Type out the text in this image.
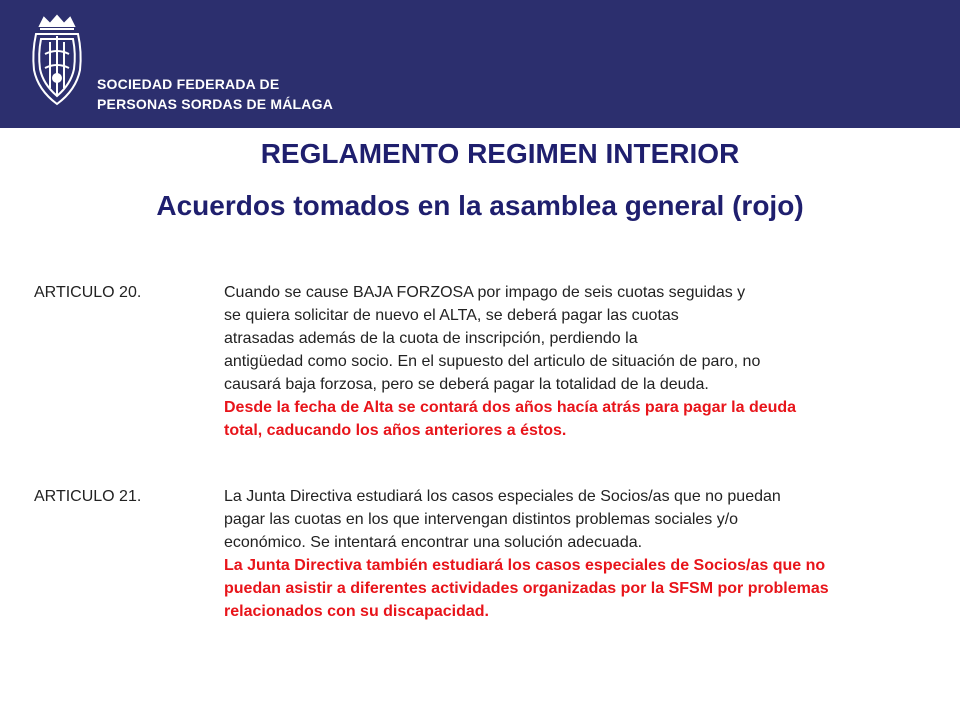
SOCIEDAD FEDERADA DE
PERSONAS SORDAS DE MÁLAGA
REGLAMENTO REGIMEN INTERIOR
Acuerdos tomados en la asamblea general (rojo)
ARTICULO 20.	Cuando se cause BAJA FORZOSA por impago de seis cuotas seguidas y
se quiera solicitar de nuevo el ALTA, se deberá pagar las cuotas
atrasadas además de la cuota de inscripción, perdiendo la
antigüedad como socio. En el supuesto del articulo de situación de paro, no
causará baja forzosa, pero se deberá pagar la totalidad de la deuda.
Desde la fecha de Alta se contará dos años hacía atrás para pagar la deuda
total, caducando los años anteriores a éstos.
ARTICULO 21.	La Junta Directiva estudiará los casos especiales de Socios/as que no puedan
pagar las cuotas en los que intervengan distintos problemas sociales y/o
económico. Se intentará encontrar una solución adecuada.
La Junta Directiva también estudiará los casos especiales de Socios/as que no
puedan asistir a diferentes actividades organizadas por la SFSM por problemas
relacionados con su discapacidad.
